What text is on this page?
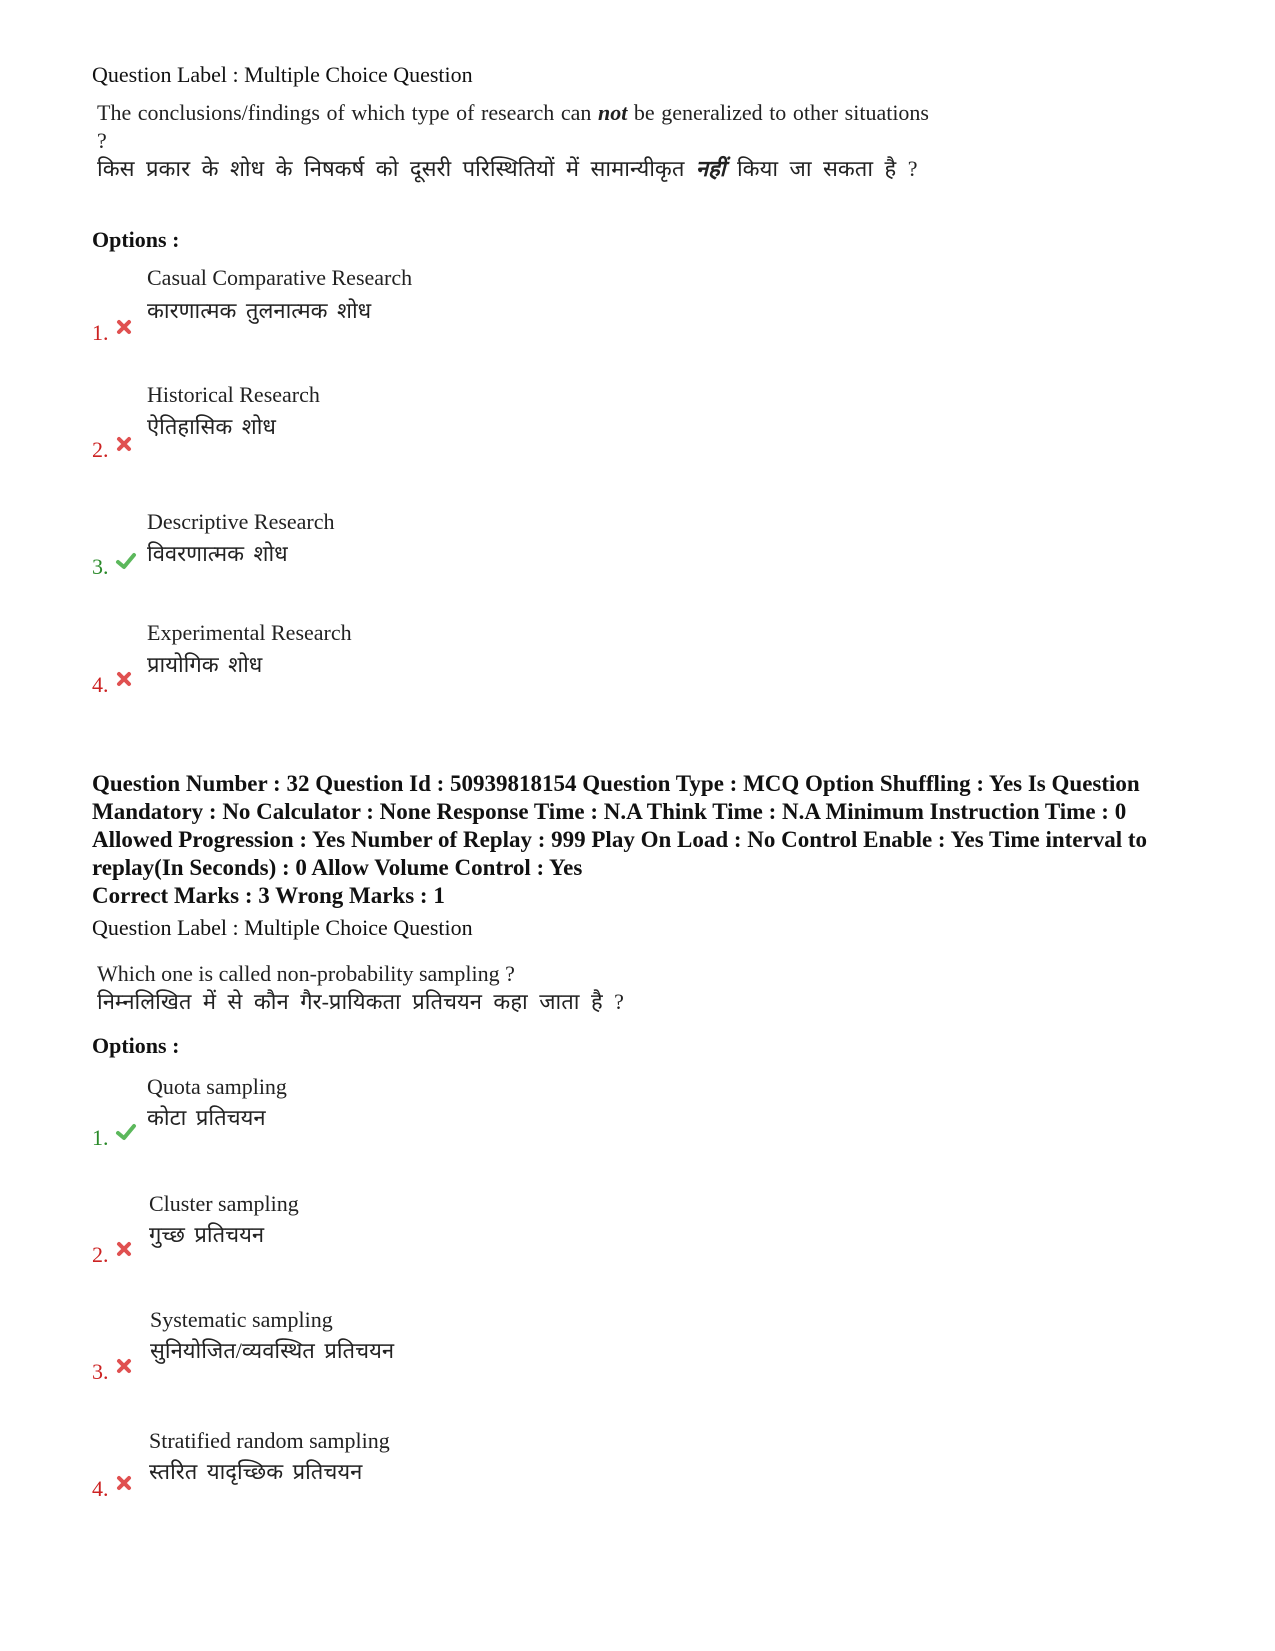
Question Label : Multiple Choice Question
The conclusions/findings of which type of research can not be generalized to other situations ?
किस प्रकार के शोध के निषकर्ष को दूसरी परिस्थितियों में सामान्यीकृत नहीं किया जा सकता है ?
Options :
Casual Comparative Research
कारणात्मक तुलनात्मक शोध
1.
Historical Research
ऐतिहासिक शोध
2.
Descriptive Research
विवरणात्मक शोध
3.
Experimental Research
प्रायोगिक शोध
4.
Question Number : 32 Question Id : 50939818154 Question Type : MCQ Option Shuffling : Yes Is Question Mandatory : No Calculator : None Response Time : N.A Think Time : N.A Minimum Instruction Time : 0 Allowed Progression : Yes Number of Replay : 999 Play On Load : No Control Enable : Yes Time interval to replay(In Seconds) : 0 Allow Volume Control : Yes
Correct Marks : 3 Wrong Marks : 1
Question Label : Multiple Choice Question
Which one is called non-probability sampling ?
निम्नलिखित में से कौन गैर-प्रायिकता प्रतिचयन कहा जाता है ?
Options :
Quota sampling
कोटा प्रतिचयन
1.
Cluster sampling
गुच्छ प्रतिचयन
2.
Systematic sampling
सुनियोजित/व्यवस्थित प्रतिचयन
3.
Stratified random sampling
स्तरित यादृच्छिक प्रतिचयन
4.
